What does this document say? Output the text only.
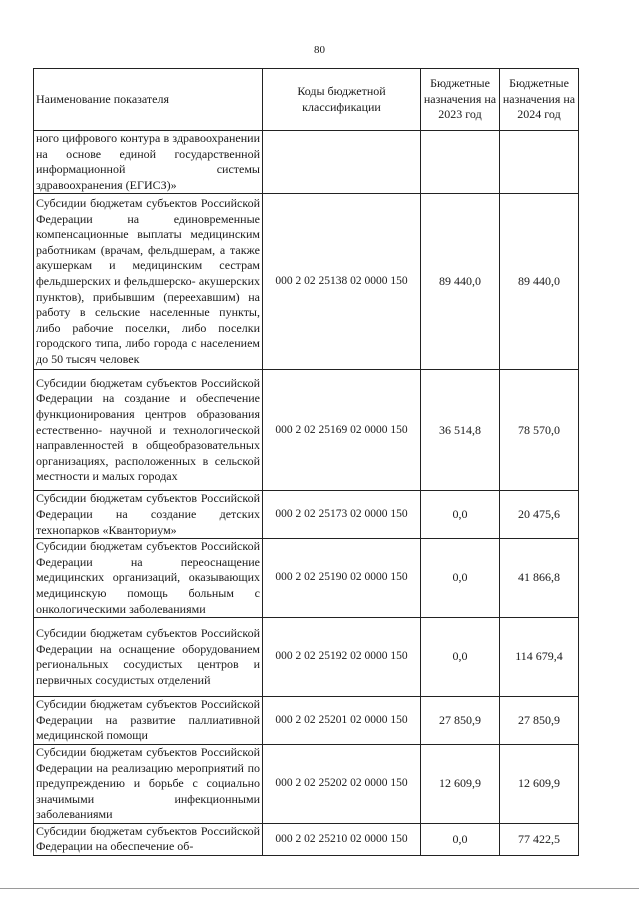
80
Наименование показателя	Коды бюджетной классификации	Бюджетные назначения на 2023 год	Бюджетные назначения на 2024 год
ного цифрового контура в здравоохранении на основе единой государственной информационной системы здравоохранения (ЕГИСЗ)»			
Субсидии бюджетам субъектов Российской Федерации на единовременные компенсационные выплаты медицинским работникам (врачам, фельдшерам, а также акушеркам и медицинским сестрам фельдшерских и фельдшерско- акушерских пунктов), прибывшим (переехавшим) на работу в сельские населенные пункты, либо рабочие поселки, либо поселки городского типа, либо города с населением до 50 тысяч человек	000 2 02 25138 02 0000 150	89 440,0	89 440,0
Субсидии бюджетам субъектов Российской Федерации на создание и обеспечение функционирования центров образования естественно- научной и технологической направленностей в общеобразовательных организациях, расположенных в сельской местности и малых городах	000 2 02 25169 02 0000 150	36 514,8	78 570,0
Субсидии бюджетам субъектов Российской Федерации на создание детских технопарков «Кванториум»	000 2 02 25173 02 0000 150	0,0	20 475,6
Субсидии бюджетам субъектов Российской Федерации на переоснащение медицинских организаций, оказывающих медицинскую помощь больным с онкологическими заболеваниями	000 2 02 25190 02 0000 150	0,0	41 866,8
Субсидии бюджетам субъектов Российской Федерации на оснащение оборудованием региональных сосудистых центров и первичных сосудистых отделений	000 2 02 25192 02 0000 150	0,0	114 679,4
Субсидии бюджетам субъектов Российской Федерации на развитие паллиативной медицинской помощи	000 2 02 25201 02 0000 150	27 850,9	27 850,9
Субсидии бюджетам субъектов Российской Федерации на реализацию мероприятий по предупреждению и борьбе с социально значимыми инфекционными заболеваниями	000 2 02 25202 02 0000 150	12 609,9	12 609,9
Субсидии бюджетам субъектов Российской Федерации на обеспечение об-	000 2 02 25210 02 0000 150	0,0	77 422,5
